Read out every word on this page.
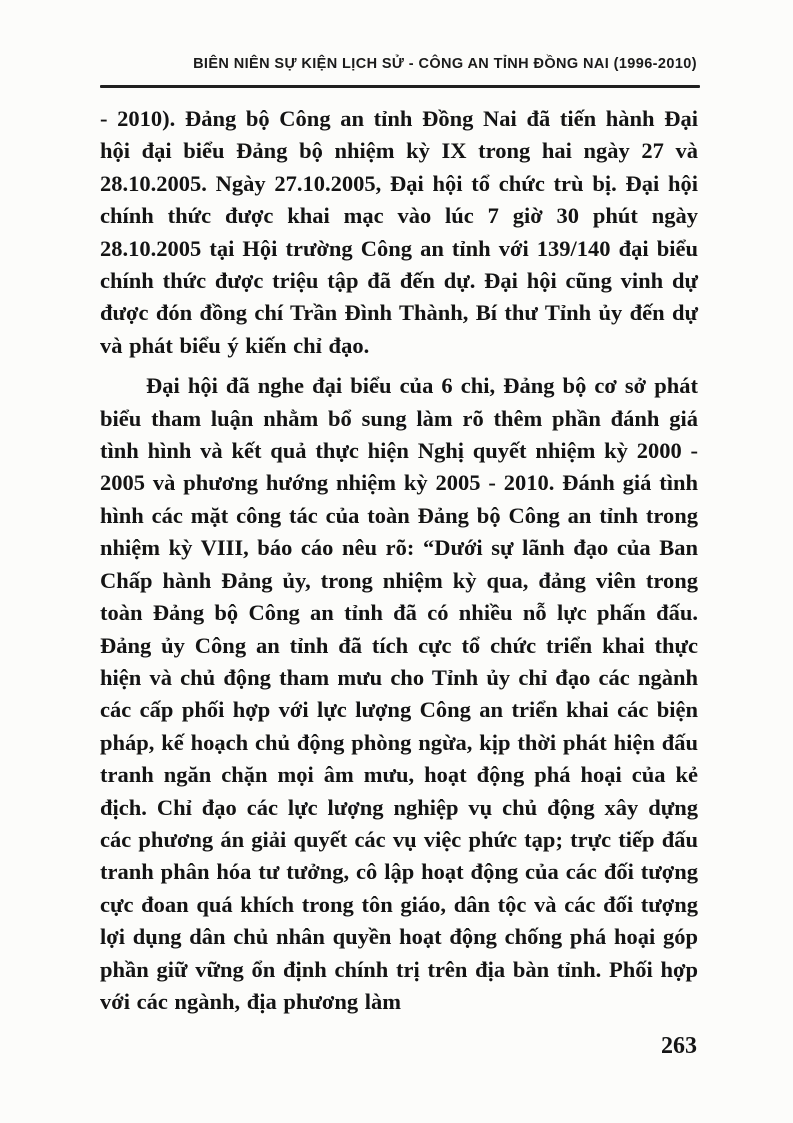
BIÊN NIÊN SỰ KIỆN LỊCH SỬ - CÔNG AN TỈNH ĐỒNG NAI (1996-2010)

- 2010). Đảng bộ Công an tỉnh Đồng Nai đã tiến hành Đại hội đại biểu Đảng bộ nhiệm kỳ IX trong hai ngày 27 và 28.10.2005. Ngày 27.10.2005, Đại hội tổ chức trù bị. Đại hội chính thức được khai mạc vào lúc 7 giờ 30 phút ngày 28.10.2005 tại Hội trường Công an tỉnh với 139/140 đại biểu chính thức được triệu tập đã đến dự. Đại hội cũng vinh dự được đón đồng chí Trần Đình Thành, Bí thư Tỉnh ủy đến dự và phát biểu ý kiến chỉ đạo.

Đại hội đã nghe đại biểu của 6 chi, Đảng bộ cơ sở phát biểu tham luận nhằm bổ sung làm rõ thêm phần đánh giá tình hình và kết quả thực hiện Nghị quyết nhiệm kỳ 2000 - 2005 và phương hướng nhiệm kỳ 2005 - 2010. Đánh giá tình hình các mặt công tác của toàn Đảng bộ Công an tỉnh trong nhiệm kỳ VIII, báo cáo nêu rõ: “Dưới sự lãnh đạo của Ban Chấp hành Đảng ủy, trong nhiệm kỳ qua, đảng viên trong toàn Đảng bộ Công an tỉnh đã có nhiều nỗ lực phấn đấu. Đảng ủy Công an tỉnh đã tích cực tổ chức triển khai thực hiện và chủ động tham mưu cho Tỉnh ủy chỉ đạo các ngành các cấp phối hợp với lực lượng Công an triển khai các biện pháp, kế hoạch chủ động phòng ngừa, kịp thời phát hiện đấu tranh ngăn chặn mọi âm mưu, hoạt động phá hoại của kẻ địch. Chỉ đạo các lực lượng nghiệp vụ chủ động xây dựng các phương án giải quyết các vụ việc phức tạp; trực tiếp đấu tranh phân hóa tư tưởng, cô lập hoạt động của các đối tượng cực đoan quá khích trong tôn giáo, dân tộc và các đối tượng lợi dụng dân chủ nhân quyền hoạt động chống phá hoại góp phần giữ vững ổn định chính trị trên địa bàn tỉnh. Phối hợp với các ngành, địa phương làm

263
